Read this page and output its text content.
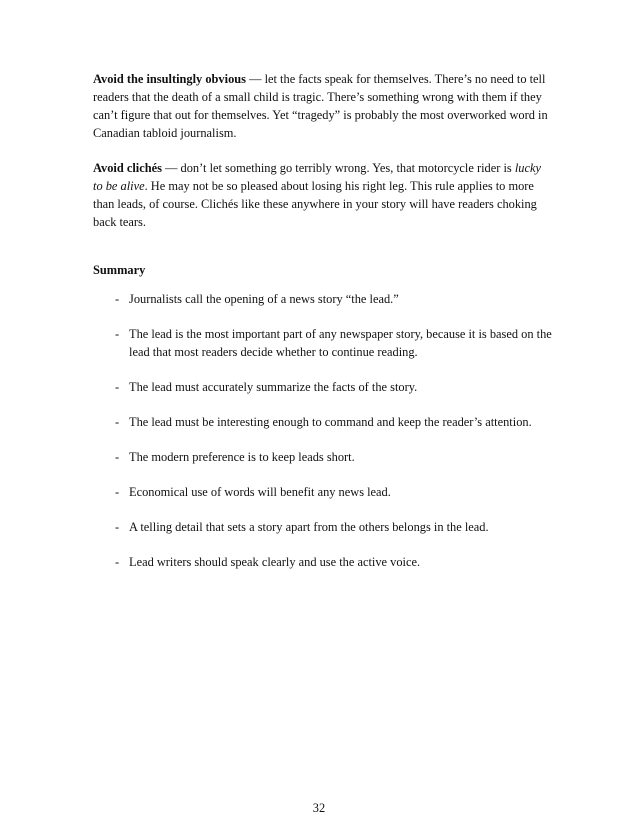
Avoid the insultingly obvious — let the facts speak for themselves. There’s no need to tell readers that the death of a small child is tragic. There’s something wrong with them if they can’t figure that out for themselves. Yet “tragedy” is probably the most overworked word in Canadian tabloid journalism.

Avoid clichés — don’t let something go terribly wrong. Yes, that motorcycle rider is lucky to be alive. He may not be so pleased about losing his right leg. This rule applies to more than leads, of course. Clichés like these anywhere in your story will have readers choking back tears.

Summary
- Journalists call the opening of a news story “the lead.”
- The lead is the most important part of any newspaper story, because it is based on the lead that most readers decide whether to continue reading.
- The lead must accurately summarize the facts of the story.
- The lead must be interesting enough to command and keep the reader’s attention.
- The modern preference is to keep leads short.
- Economical use of words will benefit any news lead.
- A telling detail that sets a story apart from the others belongs in the lead.
- Lead writers should speak clearly and use the active voice.
32
